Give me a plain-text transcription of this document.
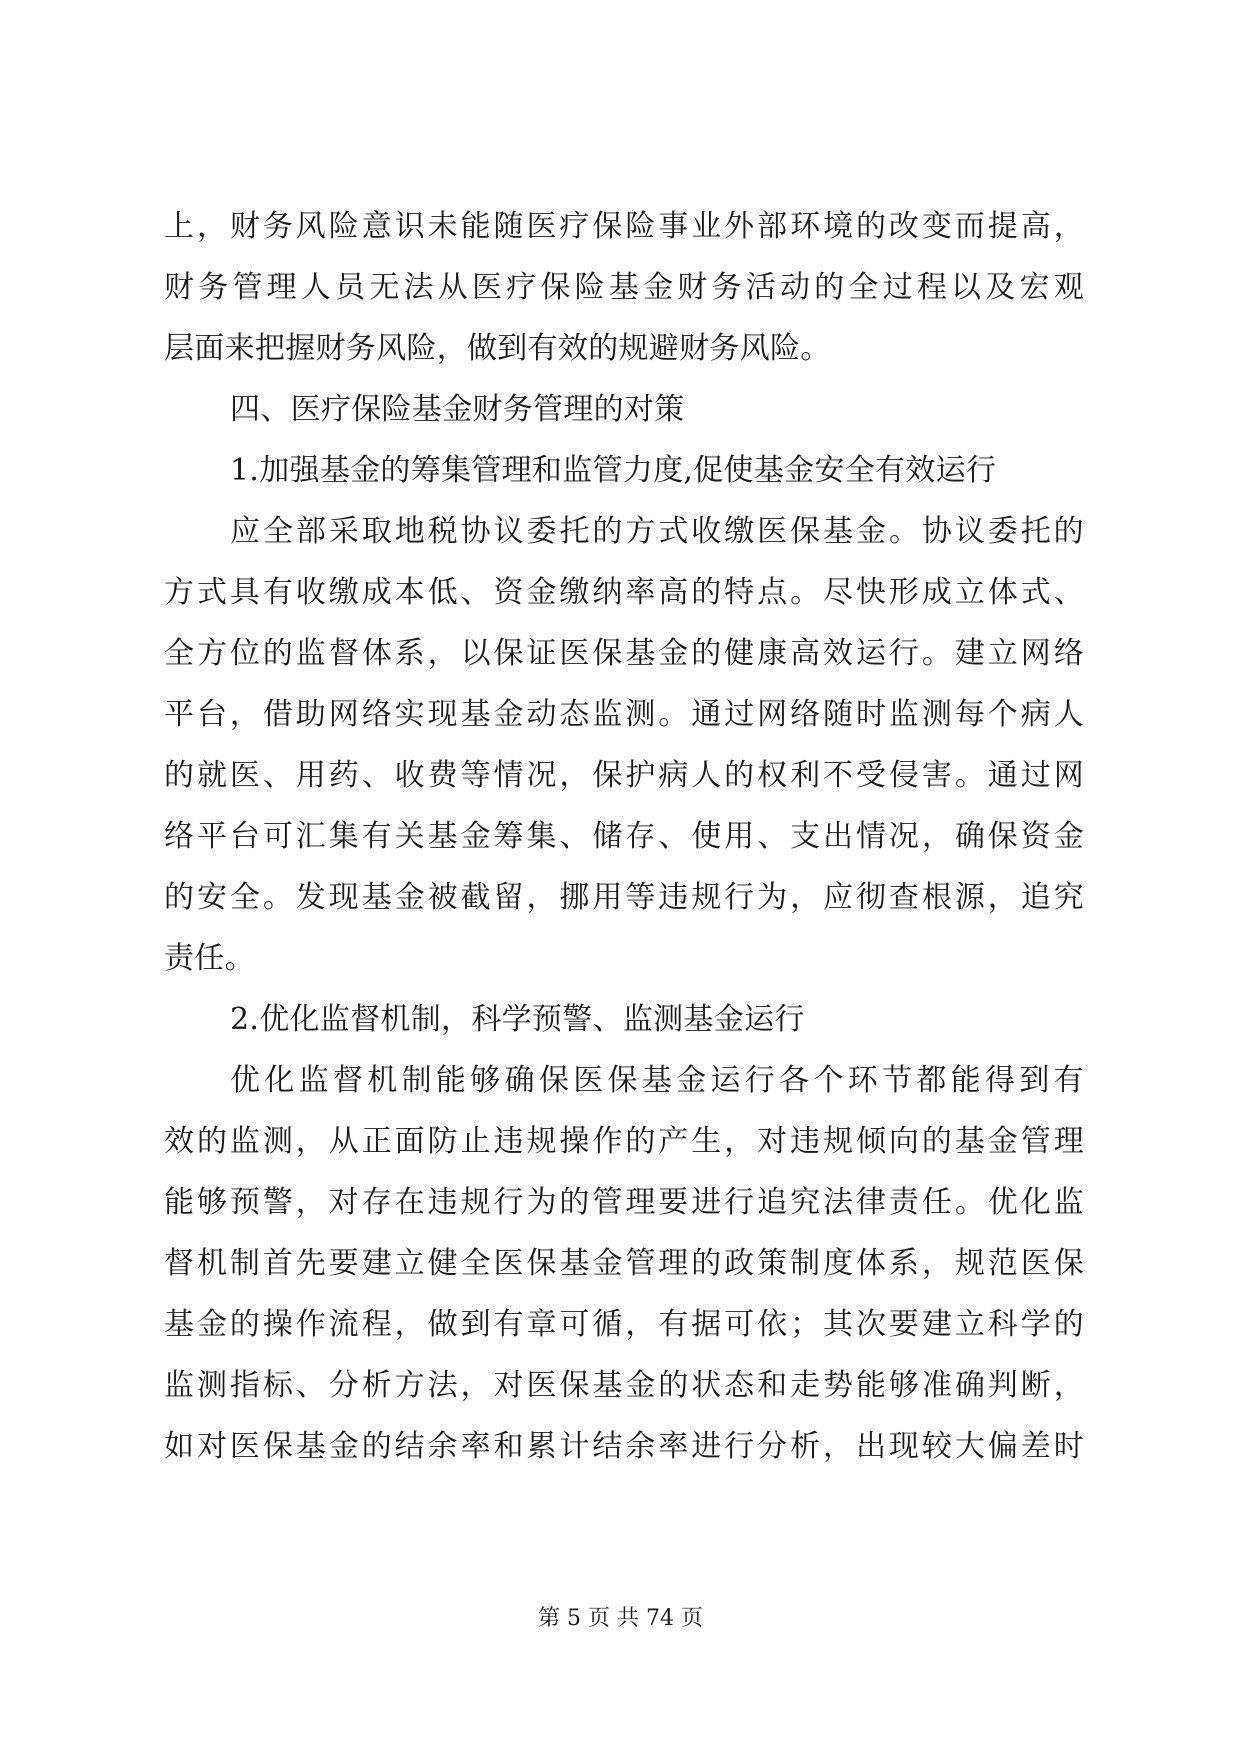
上，财务风险意识未能随医疗保险事业外部环境的改变而提高，
财务管理人员无法从医疗保险基金财务活动的全过程以及宏观
层面来把握财务风险，做到有效的规避财务风险。
四、医疗保险基金财务管理的对策
1.加强基金的筹集管理和监管力度,促使基金安全有效运行
应全部采取地税协议委托的方式收缴医保基金。协议委托的
方式具有收缴成本低、资金缴纳率高的特点。尽快形成立体式、
全方位的监督体系，以保证医保基金的健康高效运行。建立网络
平台，借助网络实现基金动态监测。通过网络随时监测每个病人
的就医、用药、收费等情况，保护病人的权利不受侵害。通过网
络平台可汇集有关基金筹集、储存、使用、支出情况，确保资金
的安全。发现基金被截留，挪用等违规行为，应彻查根源，追究
责任。
2.优化监督机制，科学预警、监测基金运行
优化监督机制能够确保医保基金运行各个环节都能得到有
效的监测，从正面防止违规操作的产生，对违规倾向的基金管理
能够预警，对存在违规行为的管理要进行追究法律责任。优化监
督机制首先要建立健全医保基金管理的政策制度体系，规范医保
基金的操作流程，做到有章可循，有据可依；其次要建立科学的
监测指标、分析方法，对医保基金的状态和走势能够准确判断，
如对医保基金的结余率和累计结余率进行分析，出现较大偏差时
第 5 页 共 74 页
